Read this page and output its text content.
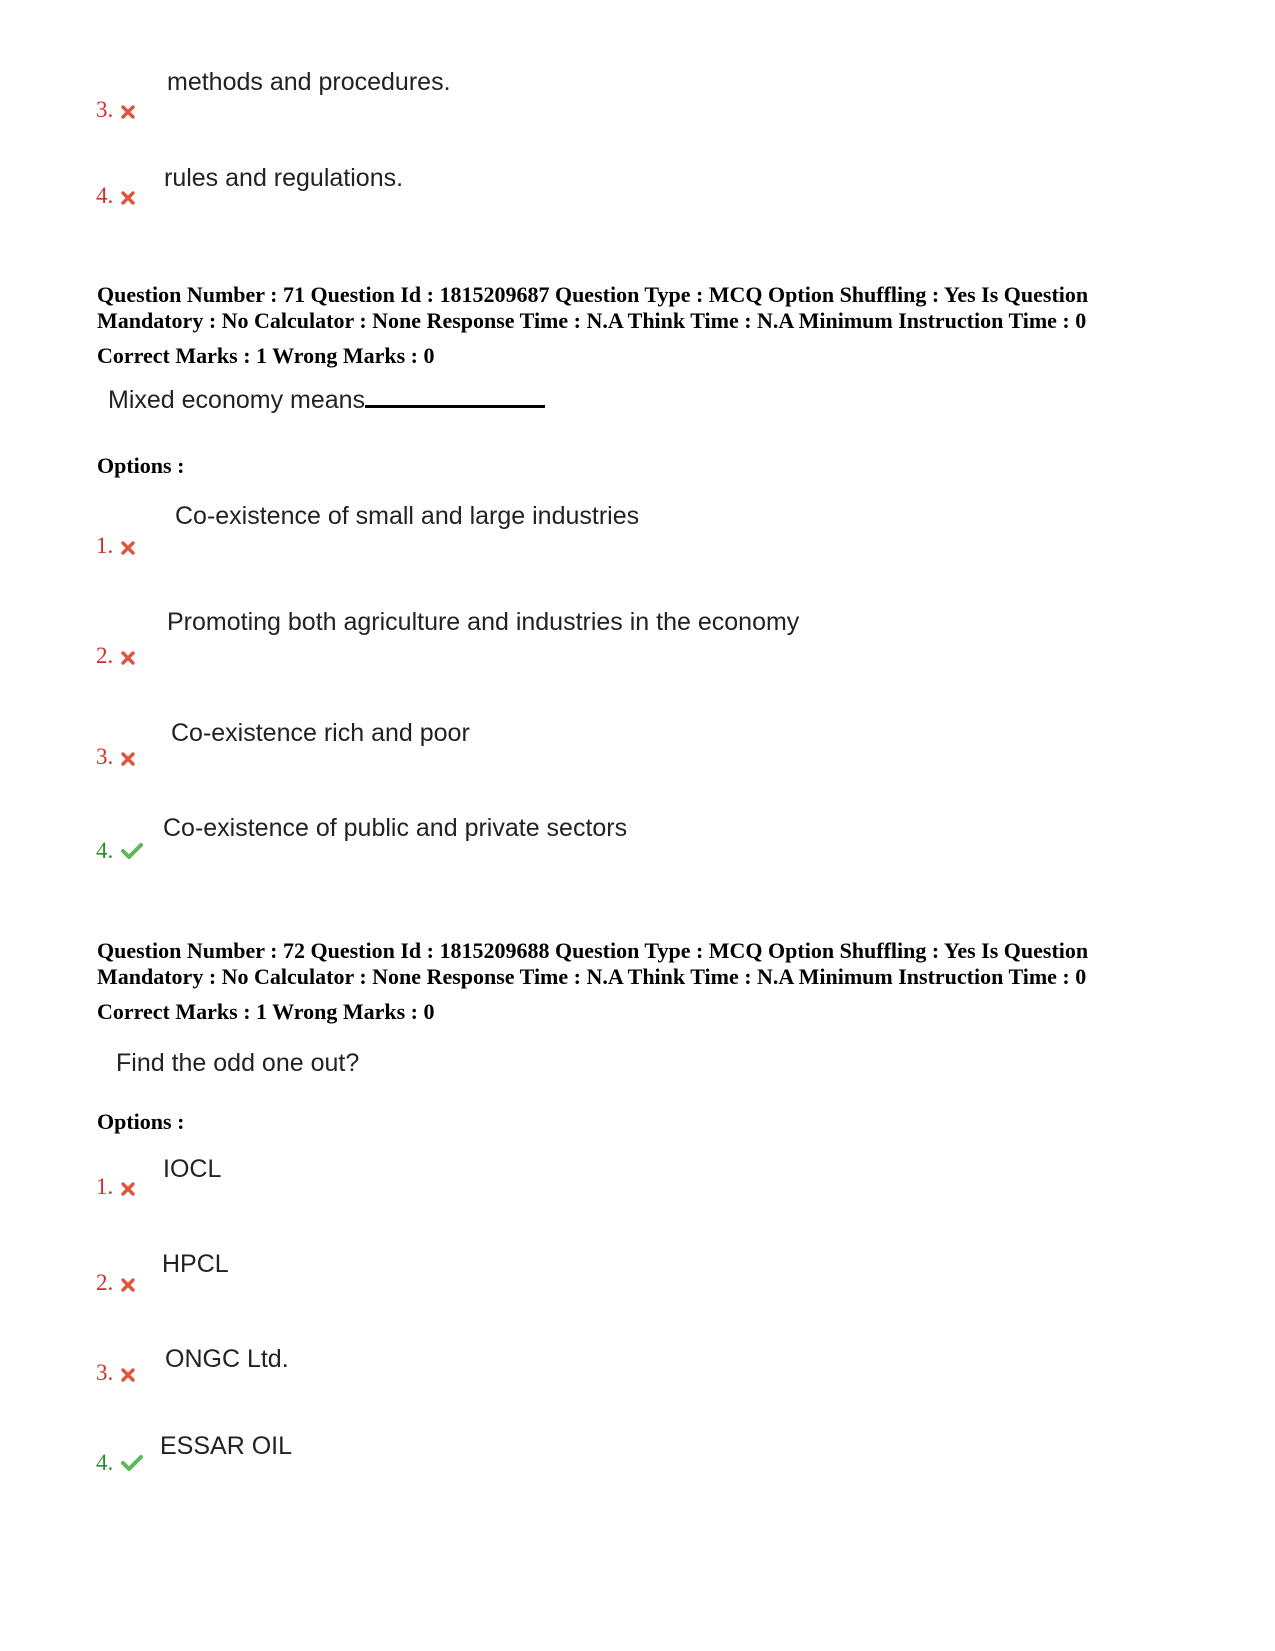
methods and procedures.
3.
rules and regulations.
4.
Question Number : 71 Question Id : 1815209687 Question Type : MCQ Option Shuffling : Yes Is Question
Mandatory : No Calculator : None Response Time : N.A Think Time : N.A Minimum Instruction Time : 0
Correct Marks : 1 Wrong Marks : 0
Mixed economy means
Options :
Co-existence of small and large industries
1.
Promoting both agriculture and industries in the economy
2.
Co-existence rich and poor
3.
Co-existence of public and private sectors
4.
Question Number : 72 Question Id : 1815209688 Question Type : MCQ Option Shuffling : Yes Is Question
Mandatory : No Calculator : None Response Time : N.A Think Time : N.A Minimum Instruction Time : 0
Correct Marks : 1 Wrong Marks : 0
Find the odd one out?
Options :
IOCL
1.
HPCL
2.
ONGC Ltd.
3.
ESSAR OIL
4.
